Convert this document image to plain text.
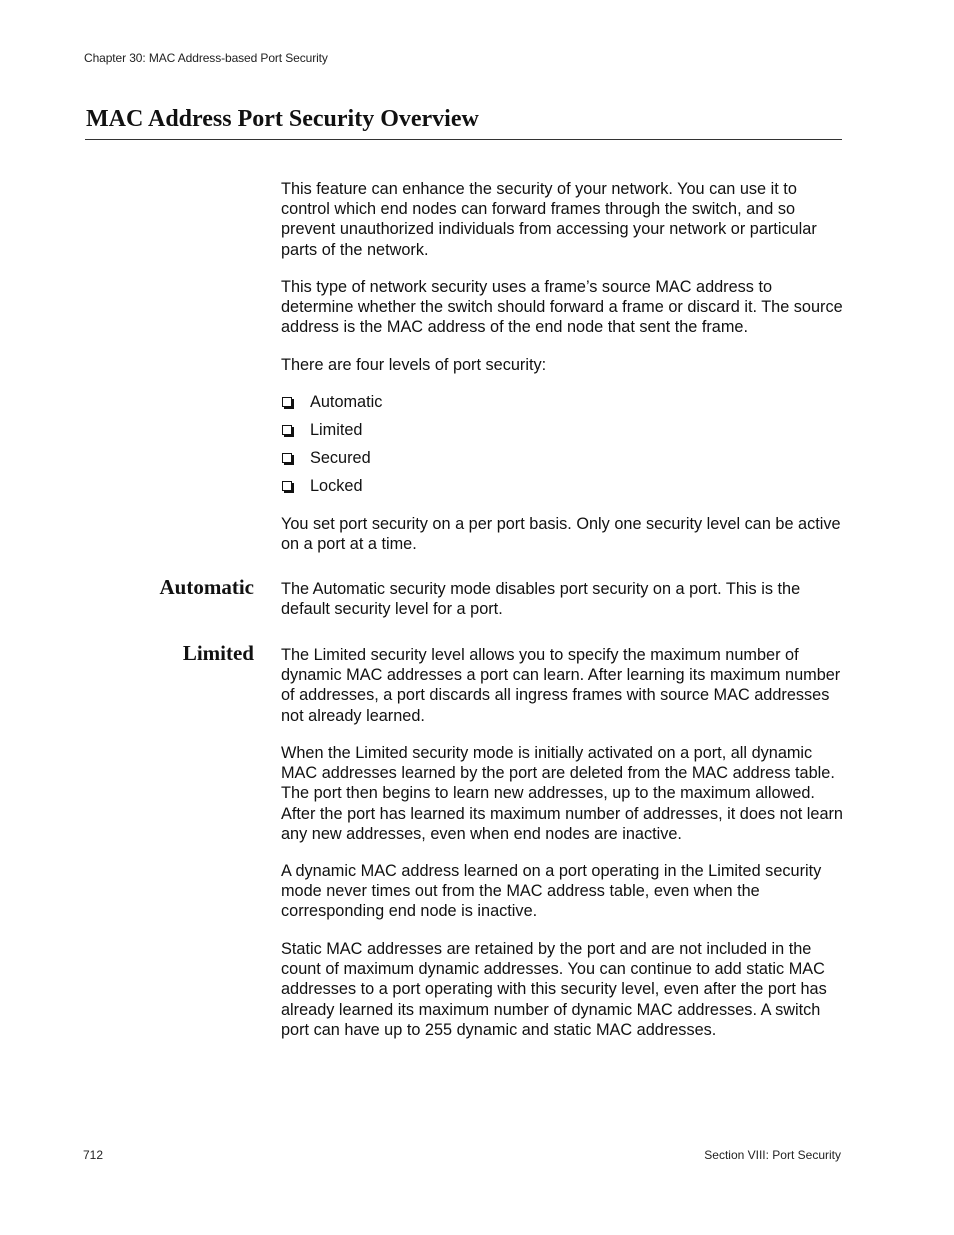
Chapter 30: MAC Address-based Port Security
MAC Address Port Security Overview

This feature can enhance the security of your network. You can use it to control which end nodes can forward frames through the switch, and so prevent unauthorized individuals from accessing your network or particular parts of the network.

This type of network security uses a frame’s source MAC address to determine whether the switch should forward a frame or discard it. The source address is the MAC address of the end node that sent the frame.

There are four levels of port security:

Automatic
Limited
Secured
Locked

You set port security on a per port basis. Only one security level can be active on a port at a time.

Automatic The Automatic security mode disables port security on a port. This is the default security level for a port.

Limited The Limited security level allows you to specify the maximum number of dynamic MAC addresses a port can learn. After learning its maximum number of addresses, a port discards all ingress frames with source MAC addresses not already learned.

When the Limited security mode is initially activated on a port, all dynamic MAC addresses learned by the port are deleted from the MAC address table. The port then begins to learn new addresses, up to the maximum allowed. After the port has learned its maximum number of addresses, it does not learn any new addresses, even when end nodes are inactive.

A dynamic MAC address learned on a port operating in the Limited security mode never times out from the MAC address table, even when the corresponding end node is inactive.

Static MAC addresses are retained by the port and are not included in the count of maximum dynamic addresses. You can continue to add static MAC addresses to a port operating with this security level, even after the port has already learned its maximum number of dynamic MAC addresses. A switch port can have up to 255 dynamic and static MAC addresses.

712	Section VIII: Port Security
